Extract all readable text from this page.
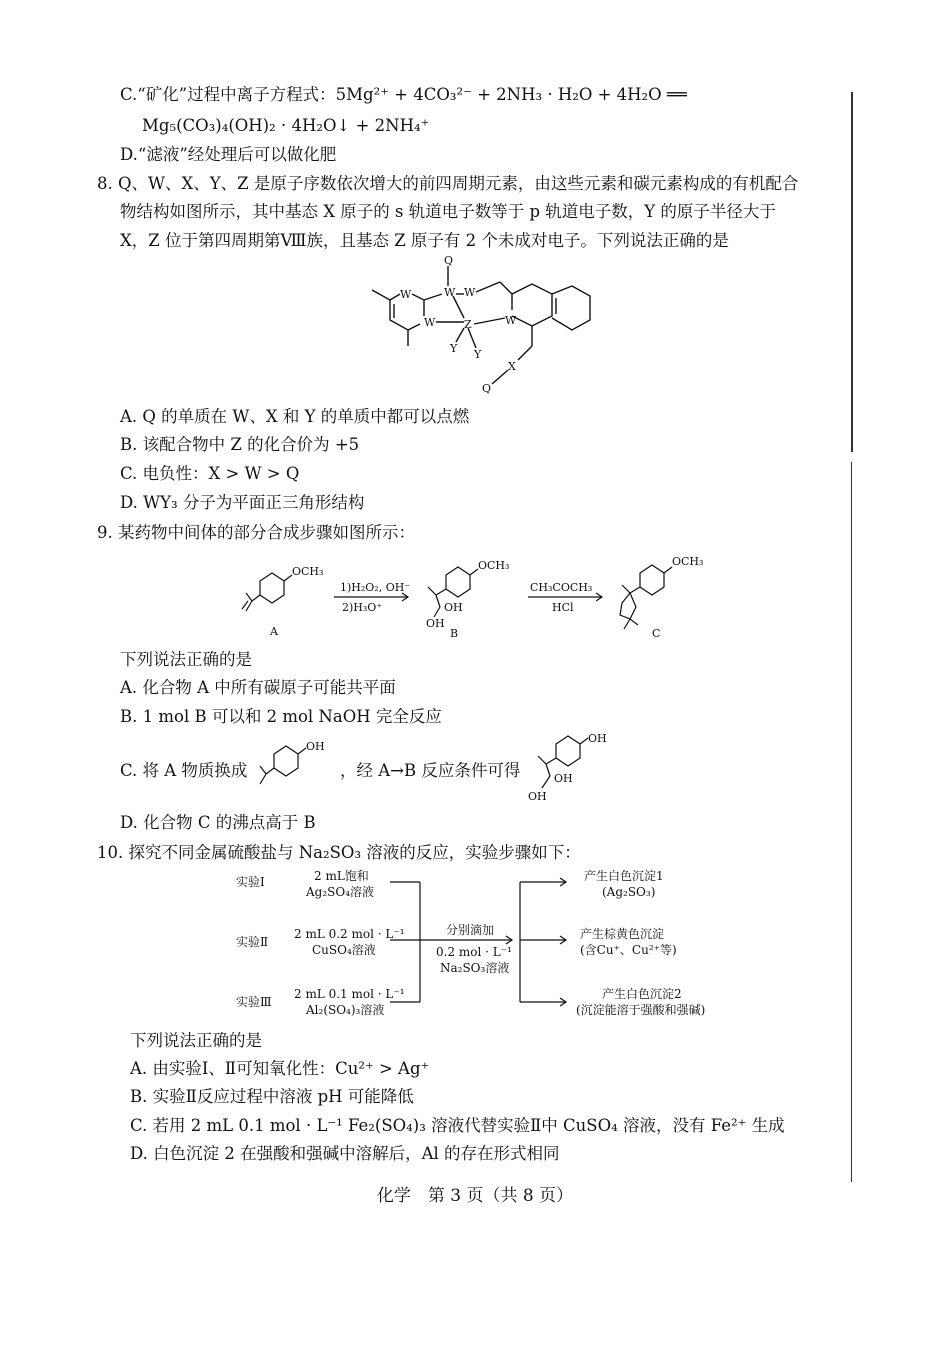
C.“矿化”过程中离子方程式：5Mg²⁺ + 4CO₃²⁻ + 2NH₃ · H₂O + 4H₂O ══
Mg₅(CO₃)₄(OH)₂ · 4H₂O↓ + 2NH₄⁺
D.“滤液”经处理后可以做化肥
8. Q、W、X、Y、Z 是原子序数依次增大的前四周期元素，由这些元素和碳元素构成的有机配合
物结构如图所示，其中基态 X 原子的 s 轨道电子数等于 p 轨道电子数，Y 的原子半径大于
X，Z 位于第四周期第Ⅷ族，且基态 Z 原子有 2 个未成对电子。下列说法正确的是
Q
W	W W
W	Z	W
Y Y
X
Q
A. Q 的单质在 W、X 和 Y 的单质中都可以点燃
B. 该配合物中 Z 的化合价为 +5
C. 电负性：X > W > Q
D. WY₃ 分子为平面正三角形结构
9. 某药物中间体的部分合成步骤如图所示：
OCH₃	OCH₃	OCH₃
OH
OH
1)H₂O₂, OH⁻
2)H₃O⁺
CH₃COCH₃
HCl
A	B	C
下列说法正确的是
A. 化合物 A 中所有碳原子可能共平面
B. 1 mol B 可以和 2 mol NaOH 完全反应
C. 将 A 物质换成
OH
，经 A→B 反应条件可得
OH
OH
OH
D. 化合物 C 的沸点高于 B
10. 探究不同金属硫酸盐与 Na₂SO₃ 溶液的反应，实验步骤如下：
实验Ⅰ	2 mL饱和
Ag₂SO₄溶液
实验Ⅱ
2 mL 0.2 mol · L⁻¹
CuSO₄溶液
实验Ⅲ
2 mL 0.1 mol · L⁻¹
Al₂(SO₄)₃溶液
分别滴加
0.2 mol · L⁻¹
Na₂SO₃溶液
产生白色沉淀1
(Ag₂SO₃)
产生棕黄色沉淀
(含Cu⁺、Cu²⁺等)
产生白色沉淀2
(沉淀能溶于强酸和强碱)
下列说法正确的是
A. 由实验Ⅰ、Ⅱ可知氧化性：Cu²⁺ > Ag⁺
B. 实验Ⅱ反应过程中溶液 pH 可能降低
C. 若用 2 mL 0.1 mol · L⁻¹ Fe₂(SO₄)₃ 溶液代替实验Ⅱ中 CuSO₄ 溶液，没有 Fe²⁺ 生成
D. 白色沉淀 2 在强酸和强碱中溶解后，Al 的存在形式相同
化学　第 3 页（共 8 页）
